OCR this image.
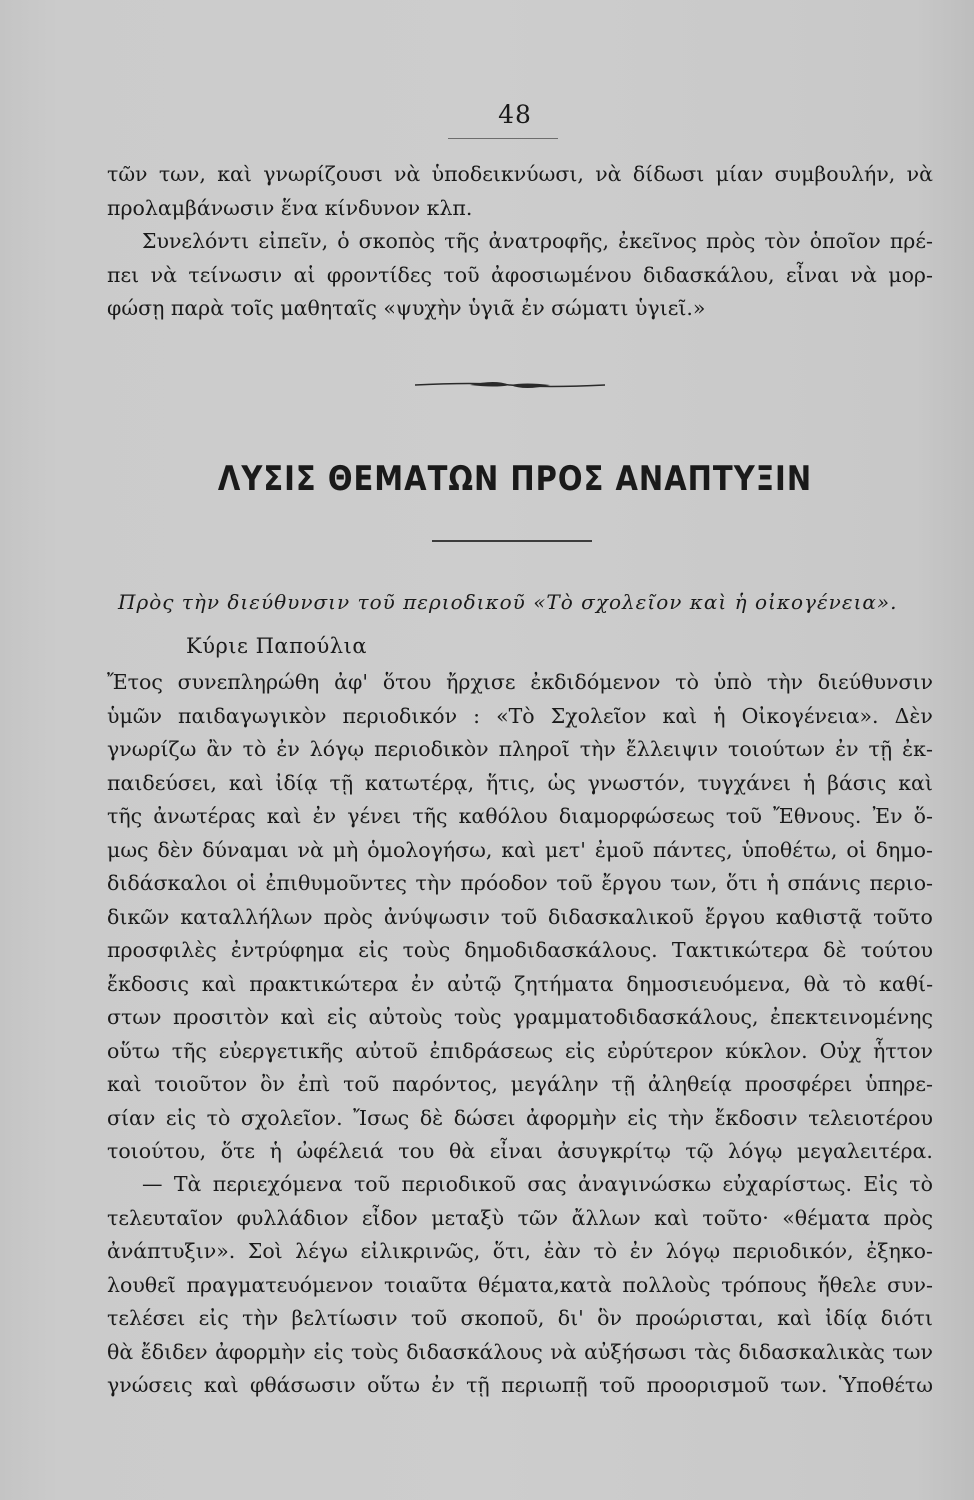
48
τῶν των, καὶ γνωρίζουσι νὰ ὑποδεικνύωσι, νὰ δίδωσι μίαν συμβουλήν, νὰ
προλαμβάνωσιν ἕνα κίνδυνον κλπ.
Συνελόντι εἰπεῖν, ὁ σκοπὸς τῆς ἀνατροφῆς, ἐκεῖνος πρὸς τὸν ὁποῖον πρέ-
πει νὰ τείνωσιν αἱ φροντίδες τοῦ ἀφοσιωμένου διδασκάλου, εἶναι νὰ μορ-
φώσῃ παρὰ τοῖς μαθηταῖς «ψυχὴν ὑγιᾶ ἐν σώματι ὑγιεῖ.»
ΛΥΣΙΣ ΘΕΜΑΤΩΝ ΠΡΟΣ ΑΝΑΠΤΥΞΙΝ
Πρὸς τὴν διεύθυνσιν τοῦ περιοδικοῦ «Τὸ σχολεῖον καὶ ἡ οἰκογένεια».
Κύριε Παπούλια
Ἔτος συνεπληρώθη ἀφ' ὅτου ἤρχισε ἐκδιδόμενον τὸ ὑπὸ τὴν διεύθυνσιν
ὑμῶν παιδαγωγικὸν περιοδικόν : «Τὸ Σχολεῖον καὶ ἡ Οἰκογένεια». Δὲν
γνωρίζω ἂν τὸ ἐν λόγῳ περιοδικὸν πληροῖ τὴν ἔλλειψιν τοιούτων ἐν τῇ ἐκ-
παιδεύσει, καὶ ἰδίᾳ τῇ κατωτέρᾳ, ἥτις, ὡς γνωστόν, τυγχάνει ἡ βάσις καὶ
τῆς ἀνωτέρας καὶ ἐν γένει τῆς καθόλου διαμορφώσεως τοῦ Ἔθνους. Ἐν ὅ-
μως δὲν δύναμαι νὰ μὴ ὁμολογήσω, καὶ μετ' ἐμοῦ πάντες, ὑποθέτω, οἱ δημο-
διδάσκαλοι οἱ ἐπιθυμοῦντες τὴν πρόοδον τοῦ ἔργου των, ὅτι ἡ σπάνις περιο-
δικῶν καταλλήλων πρὸς ἀνύψωσιν τοῦ διδασκαλικοῦ ἔργου καθιστᾷ τοῦτο
προσφιλὲς ἐντρύφημα εἰς τοὺς δημοδιδασκάλους. Τακτικώτερα δὲ τούτου
ἔκδοσις καὶ πρακτικώτερα ἐν αὐτῷ ζητήματα δημοσιευόμενα, θὰ τὸ καθί-
στων προσιτὸν καὶ εἰς αὐτοὺς τοὺς γραμματοδιδασκάλους, ἐπεκτεινομένης
οὕτω τῆς εὐεργετικῆς αὐτοῦ ἐπιδράσεως εἰς εὐρύτερον κύκλον. Οὐχ ἧττον
καὶ τοιοῦτον ὂν ἐπὶ τοῦ παρόντος, μεγάλην τῇ ἀληθείᾳ προσφέρει ὑπηρε-
σίαν εἰς τὸ σχολεῖον. Ἴσως δὲ δώσει ἀφορμὴν εἰς τὴν ἔκδοσιν τελειοτέρου
τοιούτου, ὅτε ἡ ὠφέλειά του θὰ εἶναι ἀσυγκρίτῳ τῷ λόγῳ μεγαλειτέρα.
— Τὰ περιεχόμενα τοῦ περιοδικοῦ σας ἀναγινώσκω εὐχαρίστως. Εἰς τὸ
τελευταῖον φυλλάδιον εἶδον μεταξὺ τῶν ἄλλων καὶ τοῦτο· «θέματα πρὸς
ἀνάπτυξιν». Σοὶ λέγω εἰλικρινῶς, ὅτι, ἐὰν τὸ ἐν λόγῳ περιοδικόν, ἐξηκο-
λουθεῖ πραγματευόμενον τοιαῦτα θέματα,κατὰ πολλοὺς τρόπους ἤθελε συν-
τελέσει εἰς τὴν βελτίωσιν τοῦ σκοποῦ, δι' ὃν προώρισται, καὶ ἰδίᾳ διότι
θὰ ἔδιδεν ἀφορμὴν εἰς τοὺς διδασκάλους νὰ αὐξήσωσι τὰς διδασκαλικὰς των
γνώσεις καὶ φθάσωσιν οὕτω ἐν τῇ περιωπῇ τοῦ προορισμοῦ των. Ὑποθέτω
